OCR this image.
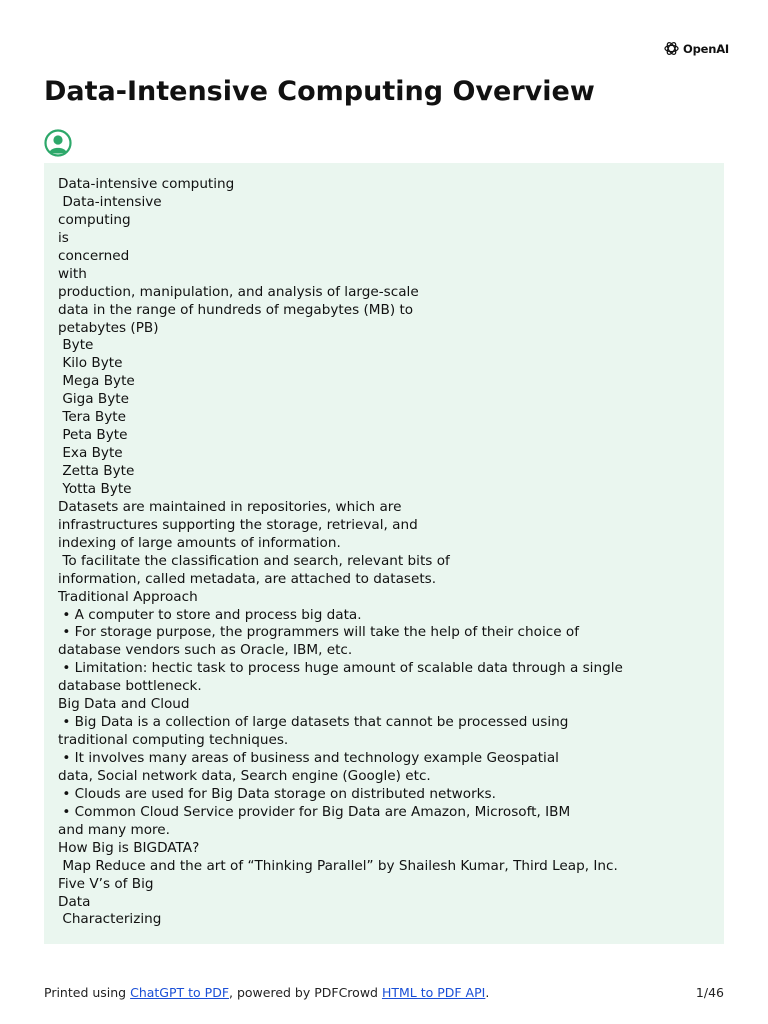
OpenAI
Data-Intensive Computing Overview
Data-intensive computing
Data-intensive
computing
is
concerned
with
production, manipulation, and analysis of large-scale
data in the range of hundreds of megabytes (MB) to
petabytes (PB)
Byte
Kilo Byte
Mega Byte
Giga Byte
Tera Byte
Peta Byte
Exa Byte
Zetta Byte
Yotta Byte
Datasets are maintained in repositories, which are
infrastructures supporting the storage, retrieval, and
indexing of large amounts of information.
To facilitate the classification and search, relevant bits of
information, called metadata, are attached to datasets.
Traditional Approach
• A computer to store and process big data.
• For storage purpose, the programmers will take the help of their choice of
database vendors such as Oracle, IBM, etc.
• Limitation: hectic task to process huge amount of scalable data through a single
database bottleneck.
Big Data and Cloud
• Big Data is a collection of large datasets that cannot be processed using
traditional computing techniques.
• It involves many areas of business and technology example Geospatial
data, Social network data, Search engine (Google) etc.
• Clouds are used for Big Data storage on distributed networks.
• Common Cloud Service provider for Big Data are Amazon, Microsoft, IBM
and many more.
How Big is BIGDATA?
Map Reduce and the art of “Thinking Parallel” by Shailesh Kumar, Third Leap, Inc.
Five V’s of Big
Data
Characterizing
Printed using ChatGPT to PDF, powered by PDFCrowd HTML to PDF API.	1/46
